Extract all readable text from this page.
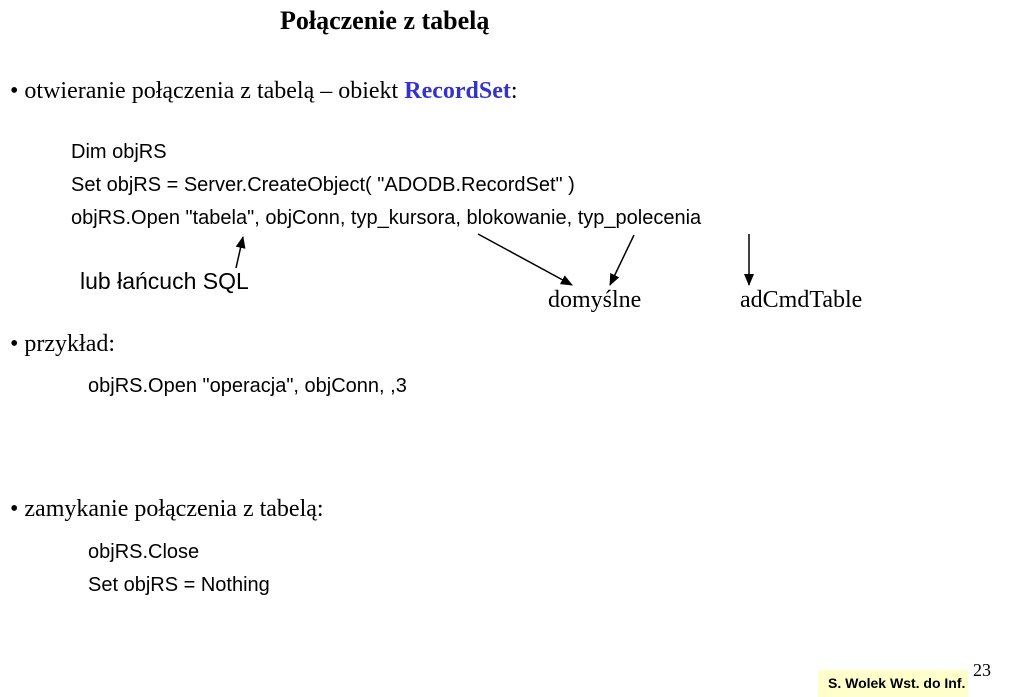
Połączenie z tabelą
• otwieranie połączenia z tabelą – obiekt RecordSet:
Dim objRS
Set objRS = Server.CreateObject( "ADODB.RecordSet" )
objRS.Open "tabela", objConn, typ_kursora, blokowanie, typ_polecenia
lub łańcuch SQL
domyślne	adCmdTable
• przykład:
objRS.Open "operacja", objConn, ,3
• zamykanie połączenia z tabelą:
objRS.Close
Set objRS = Nothing
23
S. Wolek Wst. do Inf.
